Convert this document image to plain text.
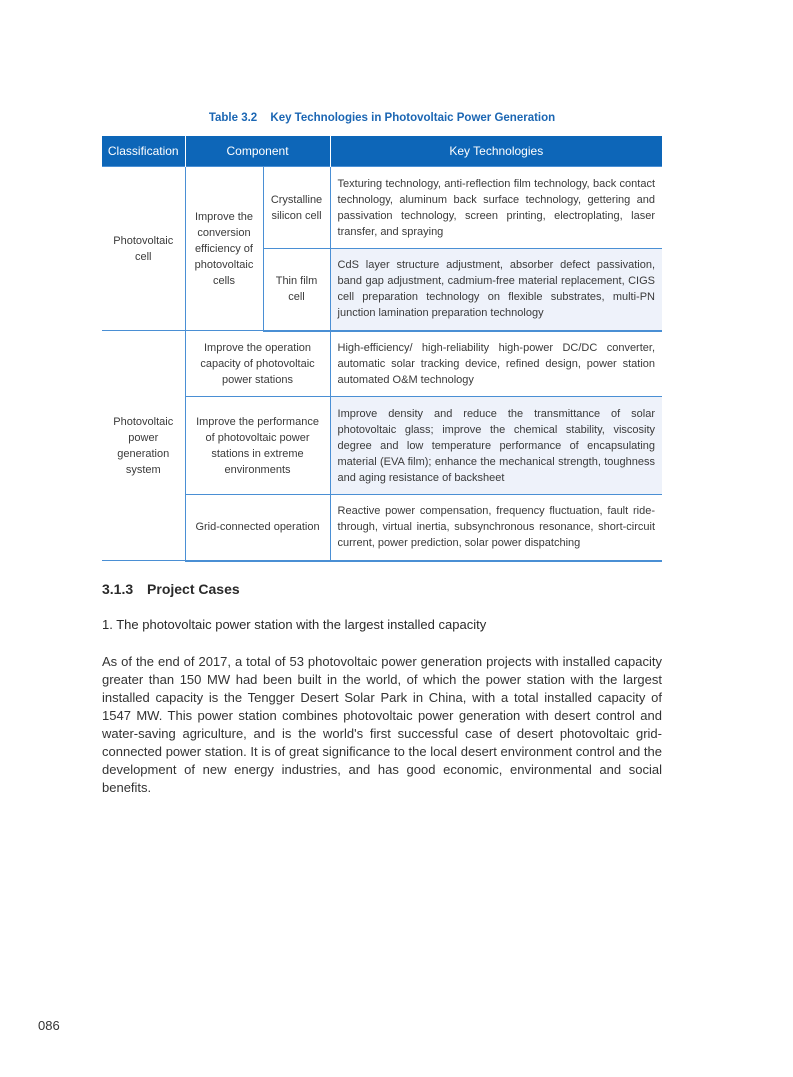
Table 3.2 Key Technologies in Photovoltaic Power Generation
Classification	Component		Key Technologies
Photovoltaic cell	Improve the conversion efficiency of photovoltaic cells	Crystalline silicon cell	Texturing technology, anti-reflection film technology, back contact technology, aluminum back surface technology, gettering and passivation technology, screen printing, electroplating, laser transfer, and spraying
		Thin film cell	CdS layer structure adjustment, absorber defect passivation, band gap adjustment, cadmium-free material replacement, CIGS cell preparation technology on flexible substrates, multi-PN junction lamination preparation technology
Photovoltaic power generation system	Improve the operation capacity of photovoltaic power stations		High-efficiency/ high-reliability high-power DC/DC converter, automatic solar tracking device, refined design, power station automated O&M technology
	Improve the performance of photovoltaic power stations in extreme environments		Improve density and reduce the transmittance of solar photovoltaic glass; improve the chemical stability, viscosity degree and low temperature performance of encapsulating material (EVA film); enhance the mechanical strength, toughness and aging resistance of backsheet
	Grid-connected operation		Reactive power compensation, frequency fluctuation, fault ride-through, virtual inertia, subsynchronous resonance, short-circuit current, power prediction, solar power dispatching
3.1.3 Project Cases
1. The photovoltaic power station with the largest installed capacity

As of the end of 2017, a total of 53 photovoltaic power generation projects with installed capacity greater than 150 MW had been built in the world, of which the power station with the largest installed capacity is the Tengger Desert Solar Park in China, with a total installed capacity of 1547 MW. This power station combines photovoltaic power generation with desert control and water-saving agriculture, and is the world's first successful case of desert photovoltaic grid-connected power station. It is of great significance to the local desert environment control and the development of new energy industries, and has good economic, environmental and social benefits.

086
